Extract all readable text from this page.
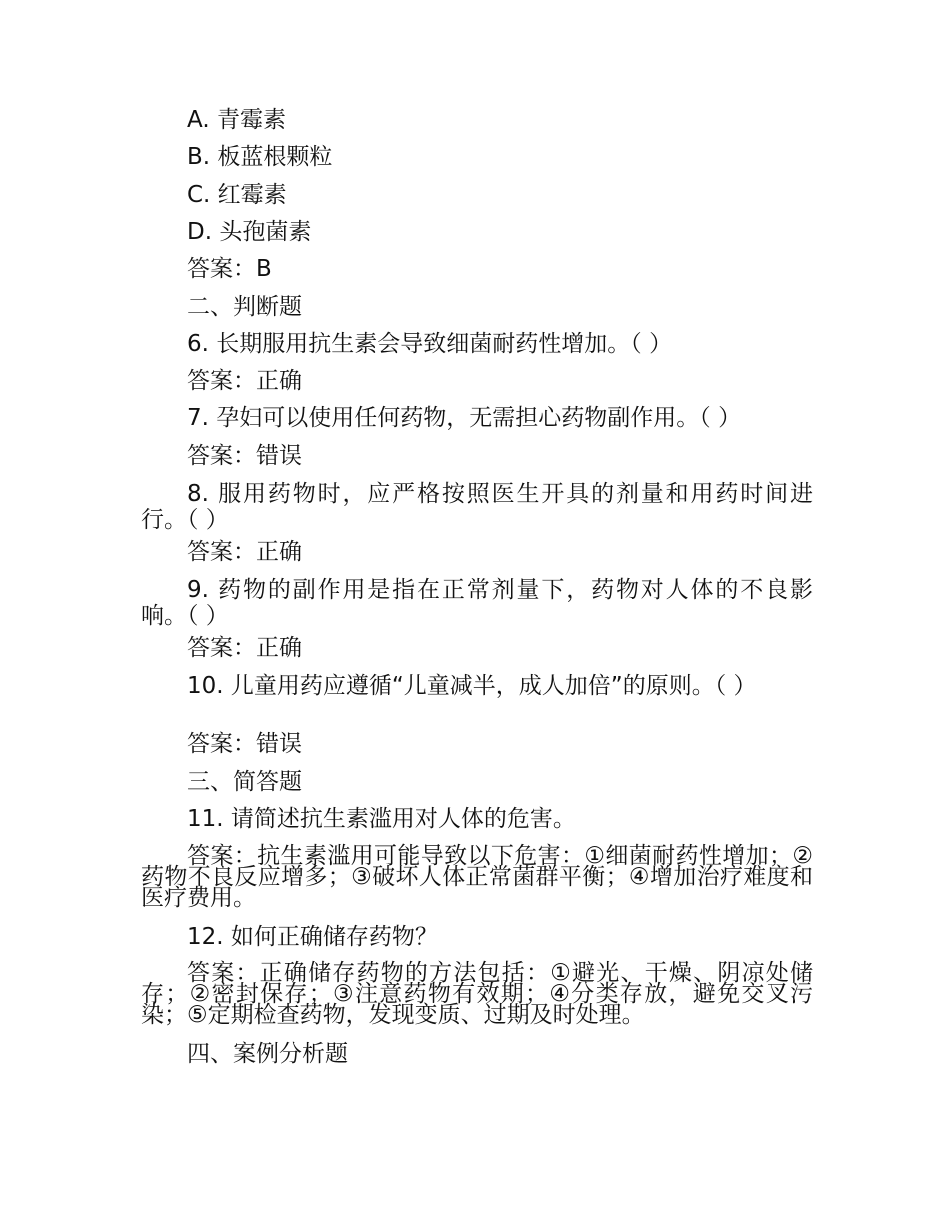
A. 青霉素
B. 板蓝根颗粒
C. 红霉素
D. 头孢菌素
答案：B
二、判断题
6. 长期服用抗生素会导致细菌耐药性增加。（ ）
答案：正确
7. 孕妇可以使用任何药物，无需担心药物副作用。（ ）
答案：错误
8. 服用药物时，应严格按照医生开具的剂量和用药时间进行。（ ）
答案：正确
9. 药物的副作用是指在正常剂量下，药物对人体的不良影响。（ ）
答案：正确
10. 儿童用药应遵循“儿童减半，成人加倍”的原则。（ ）
答案：错误
三、简答题
11. 请简述抗生素滥用对人体的危害。
答案：抗生素滥用可能导致以下危害：①细菌耐药性增加；②药物不良反应增多；③破坏人体正常菌群平衡；④增加治疗难度和医疗费用。
12. 如何正确储存药物？
答案：正确储存药物的方法包括：①避光、干燥、阴凉处储存；②密封保存；③注意药物有效期；④分类存放，避免交叉污染；⑤定期检查药物，发现变质、过期及时处理。
四、案例分析题
